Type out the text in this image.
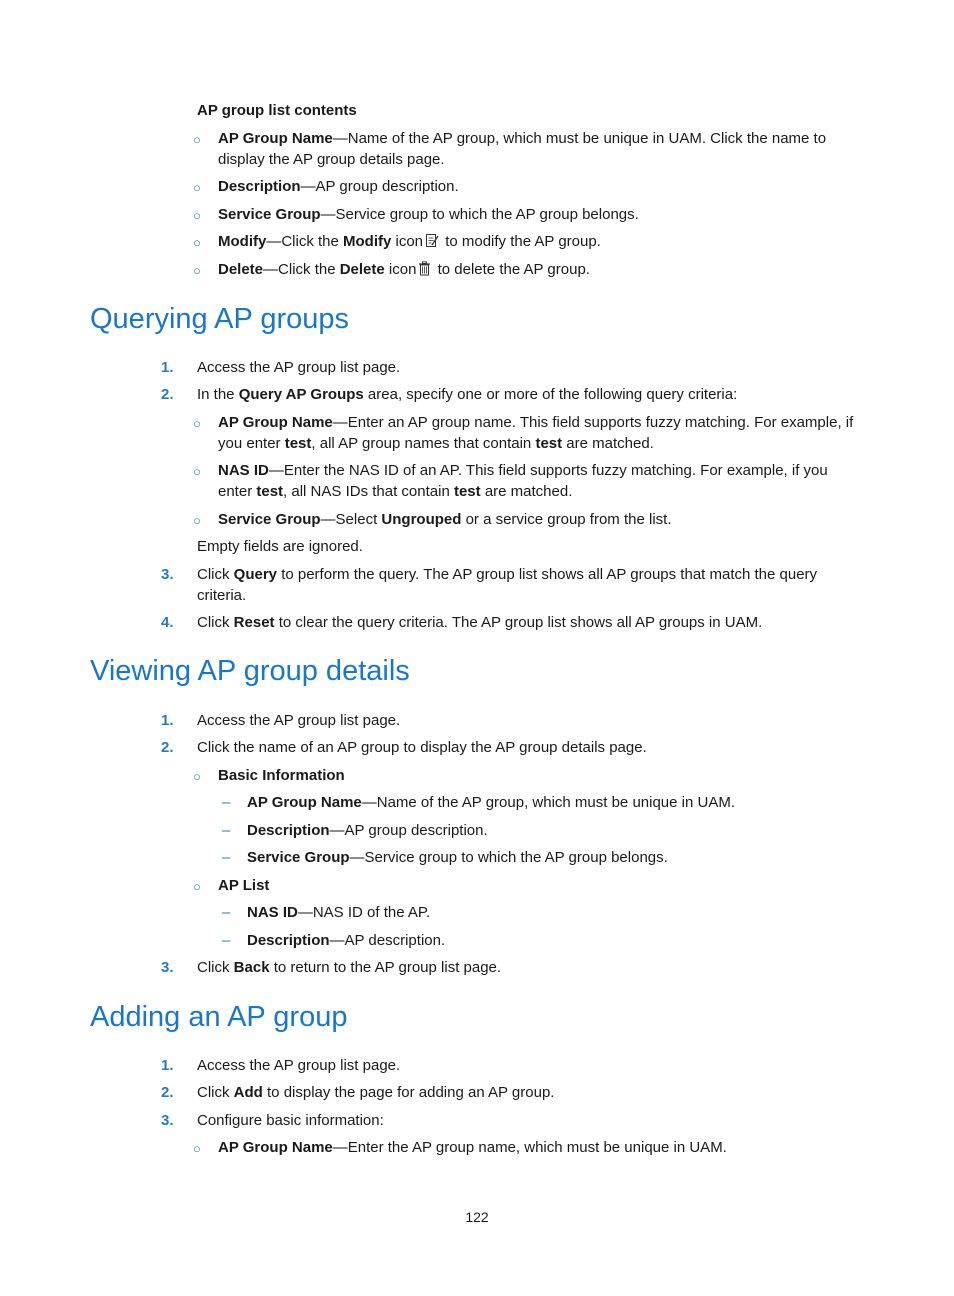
AP group list contents
○ AP Group Name—Name of the AP group, which must be unique in UAM. Click the name to
display the AP group details page.
○ Description—AP group description.
○ Service Group—Service group to which the AP group belongs.
○ Modify—Click the Modify icon to modify the AP group.
○ Delete—Click the Delete icon to delete the AP group.
Querying AP groups
1. Access the AP group list page.
2. In the Query AP Groups area, specify one or more of the following query criteria:
○ AP Group Name—Enter an AP group name. This field supports fuzzy matching. For example, if
you enter test, all AP group names that contain test are matched.
○ NAS ID—Enter the NAS ID of an AP. This field supports fuzzy matching. For example, if you
enter test, all NAS IDs that contain test are matched.
○ Service Group—Select Ungrouped or a service group from the list.
Empty fields are ignored.
3. Click Query to perform the query. The AP group list shows all AP groups that match the query
criteria.
4. Click Reset to clear the query criteria. The AP group list shows all AP groups in UAM.
Viewing AP group details
1. Access the AP group list page.
2. Click the name of an AP group to display the AP group details page.
○ Basic Information
– AP Group Name—Name of the AP group, which must be unique in UAM.
– Description—AP group description.
– Service Group—Service group to which the AP group belongs.
○ AP List
– NAS ID—NAS ID of the AP.
– Description—AP description.
3. Click Back to return to the AP group list page.
Adding an AP group
1. Access the AP group list page.
2. Click Add to display the page for adding an AP group.
3. Configure basic information:
○ AP Group Name—Enter the AP group name, which must be unique in UAM.
122
